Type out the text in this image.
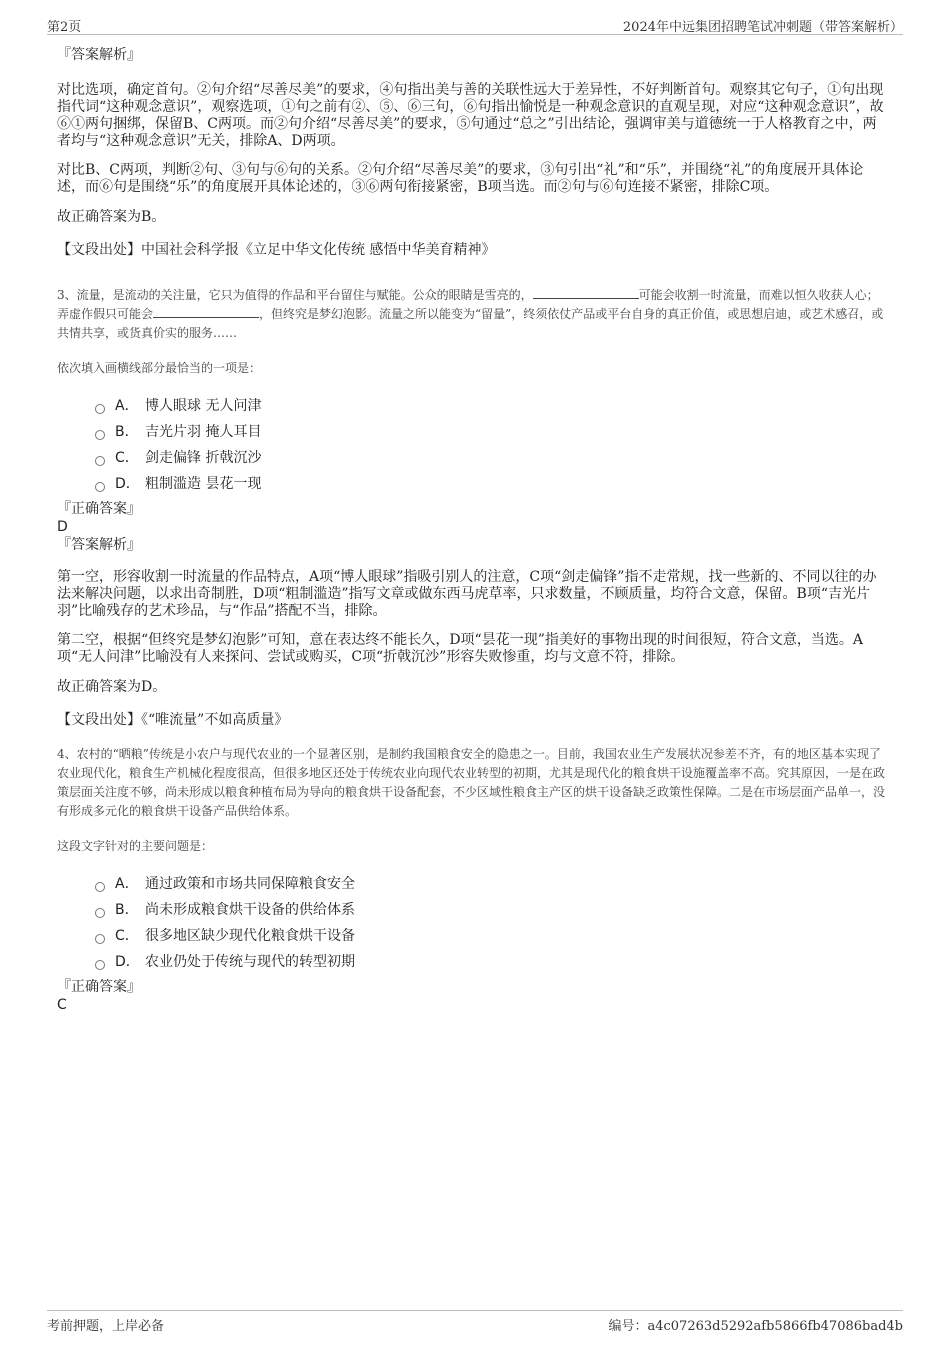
第2页	2024年中远集团招聘笔试冲刺题（带答案解析）

『答案解析』

对比选项，确定首句。②句介绍“尽善尽美”的要求，④句指出美与善的关联性远大于差异性，不好判断首句。观察其它句子，①句出现指代词“这种观念意识”，观察选项，①句之前有②、⑤、⑥三句，⑥句指出愉悦是一种观念意识的直观呈现，对应“这种观念意识”，故⑥①两句捆绑，保留B、C两项。而②句介绍“尽善尽美”的要求，⑤句通过“总之”引出结论，强调审美与道德统一于人格教育之中，两者均与“这种观念意识”无关，排除A、D两项。

对比B、C两项，判断②句、③句与⑥句的关系。②句介绍“尽善尽美”的要求，③句引出“礼”和“乐”，并围绕“礼”的角度展开具体论述，而⑥句是围绕“乐”的角度展开具体论述的，③⑥两句衔接紧密，B项当选。而②句与⑥句连接不紧密，排除C项。

故正确答案为B。

【文段出处】中国社会科学报《立足中华文化传统 感悟中华美育精神》

3、流量，是流动的关注量，它只为值得的作品和平台留住与赋能。公众的眼睛是雪亮的，	可能会收割一时流量，而难以恒久收获人心；弄虚作假只可能会	，但终究是梦幻泡影。流量之所以能变为“留量”，终须依仗产品或平台自身的真正价值，或思想启迪，或艺术感召，或共情共享，或货真价实的服务……

依次填入画横线部分最恰当的一项是：

A． 博人眼球 无人问津
B． 吉光片羽 掩人耳目
C． 剑走偏锋 折戟沉沙
D． 粗制滥造 昙花一现

『正确答案』

D

『答案解析』

第一空，形容收割一时流量的作品特点，A项“博人眼球”指吸引别人的注意，C项“剑走偏锋”指不走常规，找一些新的、不同以往的办法来解决问题，以求出奇制胜，D项“粗制滥造”指写文章或做东西马虎草率，只求数量，不顾质量，均符合文意，保留。B项“吉光片羽”比喻残存的艺术珍品，与“作品”搭配不当，排除。

第二空，根据“但终究是梦幻泡影”可知，意在表达终不能长久，D项“昙花一现”指美好的事物出现的时间很短，符合文意，当选。A项“无人问津”比喻没有人来探问、尝试或购买，C项“折戟沉沙”形容失败惨重，均与文意不符，排除。

故正确答案为D。

【文段出处】《“唯流量”不如高质量》

4、农村的“晒粮”传统是小农户与现代农业的一个显著区别，是制约我国粮食安全的隐患之一。目前，我国农业生产发展状况参差不齐，有的地区基本实现了农业现代化，粮食生产机械化程度很高，但很多地区还处于传统农业向现代农业转型的初期，尤其是现代化的粮食烘干设施覆盖率不高。究其原因，一是在政策层面关注度不够，尚未形成以粮食种植布局为导向的粮食烘干设备配套，不少区域性粮食主产区的烘干设备缺乏政策性保障。二是在市场层面产品单一，没有形成多元化的粮食烘干设备产品供给体系。

这段文字针对的主要问题是：

A． 通过政策和市场共同保障粮食安全
B． 尚未形成粮食烘干设备的供给体系
C． 很多地区缺少现代化粮食烘干设备
D． 农业仍处于传统与现代的转型初期

『正确答案』

C

考前押题，上岸必备	编号：a4c07263d5292afb5866fb47086bad4b
